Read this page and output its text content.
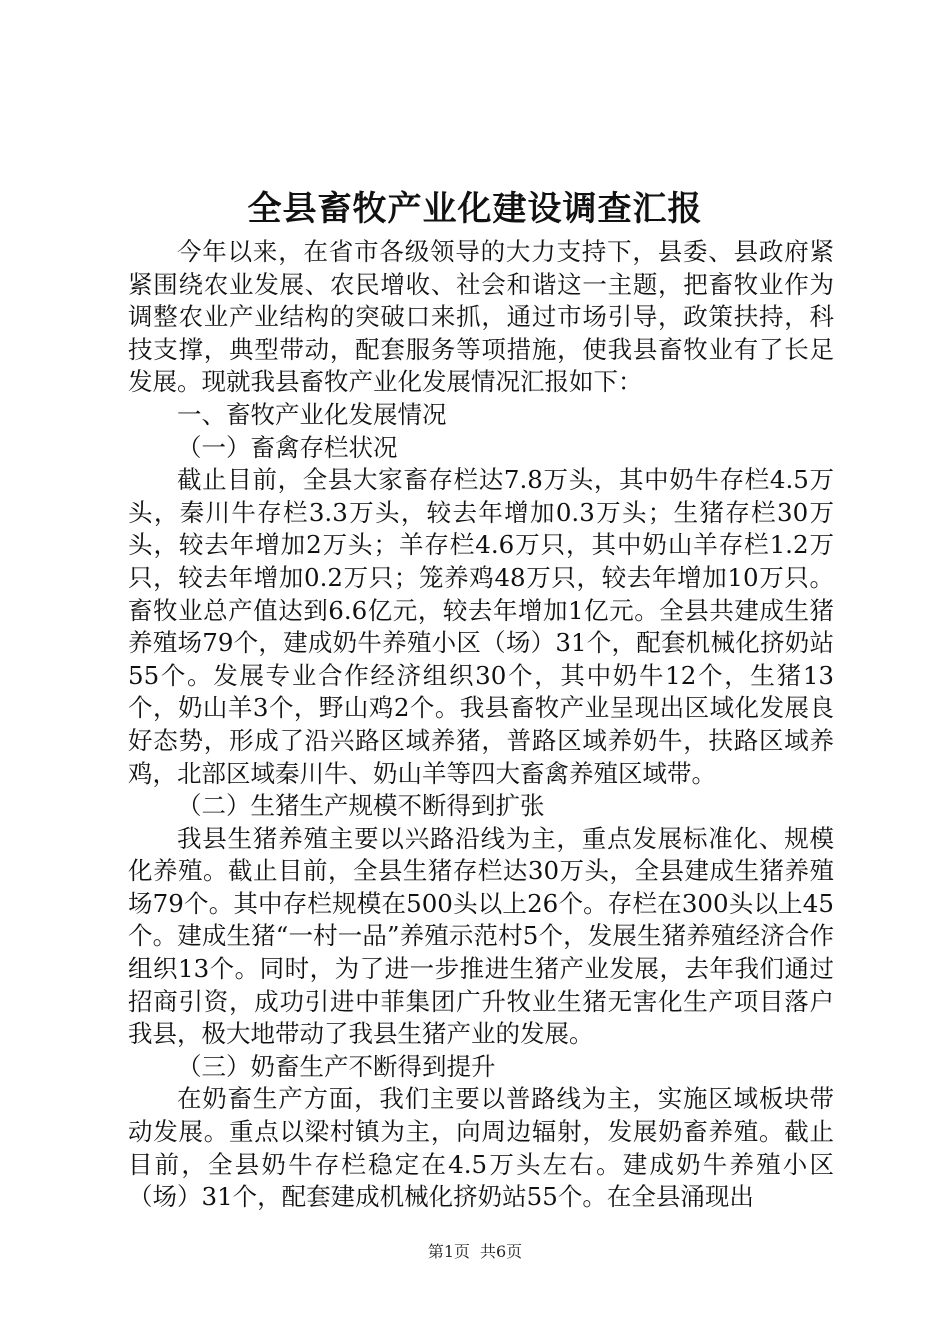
全县畜牧产业化建设调查汇报

今年以来，在省市各级领导的大力支持下，县委、县政府紧紧围绕农业发展、农民增收、社会和谐这一主题，把畜牧业作为调整农业产业结构的突破口来抓，通过市场引导，政策扶持，科技支撑，典型带动，配套服务等项措施，使我县畜牧业有了长足发展。现就我县畜牧产业化发展情况汇报如下：

一、畜牧产业化发展情况

（一）畜禽存栏状况

截止目前，全县大家畜存栏达7.8万头，其中奶牛存栏4.5万头，秦川牛存栏3.3万头，较去年增加0.3万头；生猪存栏30万头，较去年增加2万头；羊存栏4.6万只，其中奶山羊存栏1.2万只，较去年增加0.2万只；笼养鸡48万只，较去年增加10万只。畜牧业总产值达到6.6亿元，较去年增加1亿元。全县共建成生猪养殖场79个，建成奶牛养殖小区（场）31个，配套机械化挤奶站55个。发展专业合作经济组织30个，其中奶牛12个，生猪13个，奶山羊3个，野山鸡2个。我县畜牧产业呈现出区域化发展良好态势，形成了沿兴路区域养猪，普路区域养奶牛，扶路区域养鸡，北部区域秦川牛、奶山羊等四大畜禽养殖区域带。

（二）生猪生产规模不断得到扩张

我县生猪养殖主要以兴路沿线为主，重点发展标准化、规模化养殖。截止目前，全县生猪存栏达30万头，全县建成生猪养殖场79个。其中存栏规模在500头以上26个。存栏在300头以上45个。建成生猪“一村一品”养殖示范村5个，发展生猪养殖经济合作组织13个。同时，为了进一步推进生猪产业发展，去年我们通过招商引资，成功引进中菲集团广升牧业生猪无害化生产项目落户我县，极大地带动了我县生猪产业的发展。

（三）奶畜生产不断得到提升

在奶畜生产方面，我们主要以普路线为主，实施区域板块带动发展。重点以梁村镇为主，向周边辐射，发展奶畜养殖。截止目前，全县奶牛存栏稳定在4.5万头左右。建成奶牛养殖小区（场）31个，配套建成机械化挤奶站55个。在全县涌现出

第1页 共6页
